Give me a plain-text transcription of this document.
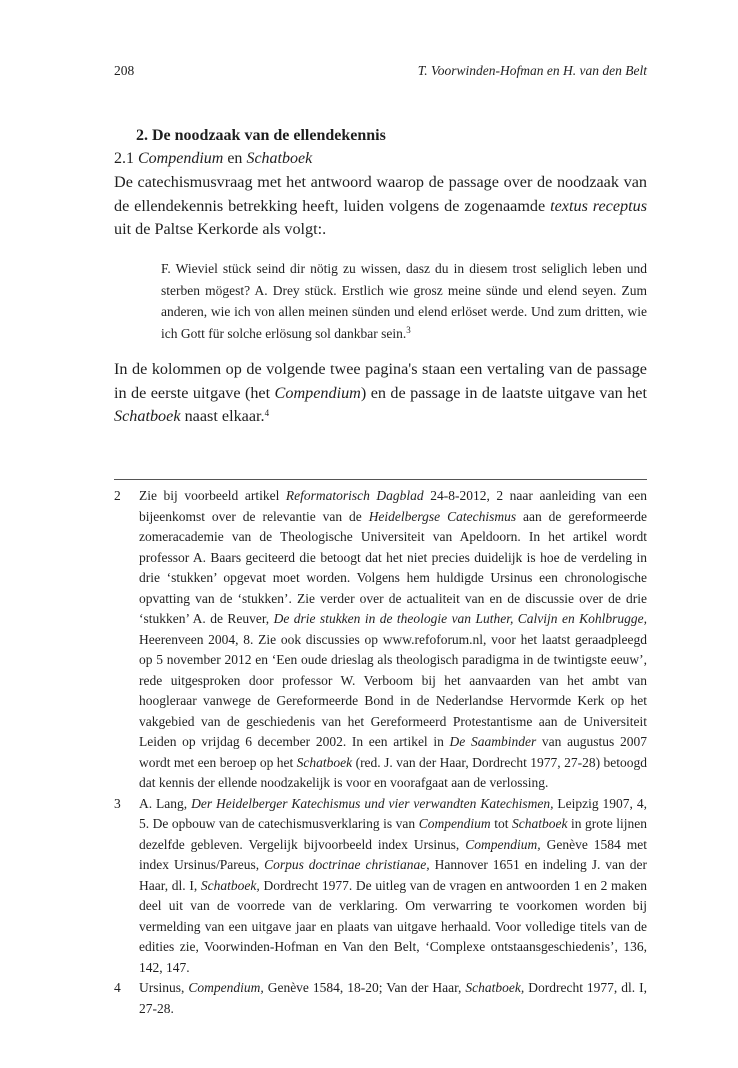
208	T. Voorwinden-Hofman en H. van den Belt
2. De noodzaak van de ellendekennis
2.1 Compendium en Schatboek

De catechismusvraag met het antwoord waarop de passage over de noodzaak van de ellendekennis betrekking heeft, luiden volgens de zogenaamde textus receptus uit de Paltse Kerkorde als volgt:.

F. Wieviel stück seind dir nötig zu wissen, dasz du in diesem trost seliglich leben und sterben mögest? A. Drey stück. Erstlich wie grosz meine sünde und elend seyen. Zum anderen, wie ich von allen meinen sünden und elend erlöset werde. Und zum dritten, wie ich Gott für solche erlösung sol dankbar sein.$^3$

In de kolommen op de volgende twee pagina's staan een vertaling van de passage in de eerste uitgave (het Compendium) en de passage in de laatste uitgave van het Schatboek naast elkaar.$^4$

2 Zie bij voorbeeld artikel Reformatorisch Dagblad 24-8-2012, 2 naar aanleiding van een bijeenkomst over de relevantie van de Heidelbergse Catechismus aan de gereformeerde zomeracademie van de Theologische Universiteit van Apeldoorn. In het artikel wordt professor A. Baars geciteerd die betoogt dat het niet precies duidelijk is hoe de verdeling in drie ‘stukken’ opgevat moet worden. Volgens hem huldigde Ursinus een chronologische opvatting van de ‘stukken’. Zie verder over de actualiteit van en de discussie over de drie ‘stukken’ A. de Reuver, De drie stukken in de theologie van Luther, Calvijn en Kohlbrugge, Heerenveen 2004, 8. Zie ook discussies op www.refoforum.nl, voor het laatst geraadpleegd op 5 november 2012 en ‘Een oude drieslag als theologisch paradigma in de twintigste eeuw’, rede uitgesproken door professor W. Verboom bij het aanvaarden van het ambt van hoogleraar vanwege de Gereformeerde Bond in de Nederlandse Hervormde Kerk op het vakgebied van de geschiedenis van het Gereformeerd Protestantisme aan de Universiteit Leiden op vrijdag 6 december 2002. In een artikel in De Saambinder van augustus 2007 wordt met een beroep op het Schatboek (red. J. van der Haar, Dordrecht 1977, 27-28) betoogd dat kennis der ellende noodzakelijk is voor en voorafgaat aan de verlossing.

3 A. Lang, Der Heidelberger Katechismus und vier verwandten Katechismen, Leipzig 1907, 4, 5. De opbouw van de catechismusverklaring is van Compendium tot Schatboek in grote lijnen dezelfde gebleven. Vergelijk bijvoorbeeld index Ursinus, Compendium, Genève 1584 met index Ursinus/Pareus, Corpus doctrinae christianae, Hannover 1651 en indeling J. van der Haar, dl. I, Schatboek, Dordrecht 1977. De uitleg van de vragen en antwoorden 1 en 2 maken deel uit van de voorrede van de verklaring. Om verwarring te voorkomen worden bij vermelding van een uitgave jaar en plaats van uitgave herhaald. Voor volledige titels van de edities zie, Voorwinden-Hofman en Van den Belt, ‘Complexe ontstaansgeschiedenis’, 136, 142, 147.

4 Ursinus, Compendium, Genève 1584, 18-20; Van der Haar, Schatboek, Dordrecht 1977, dl. I, 27-28.
